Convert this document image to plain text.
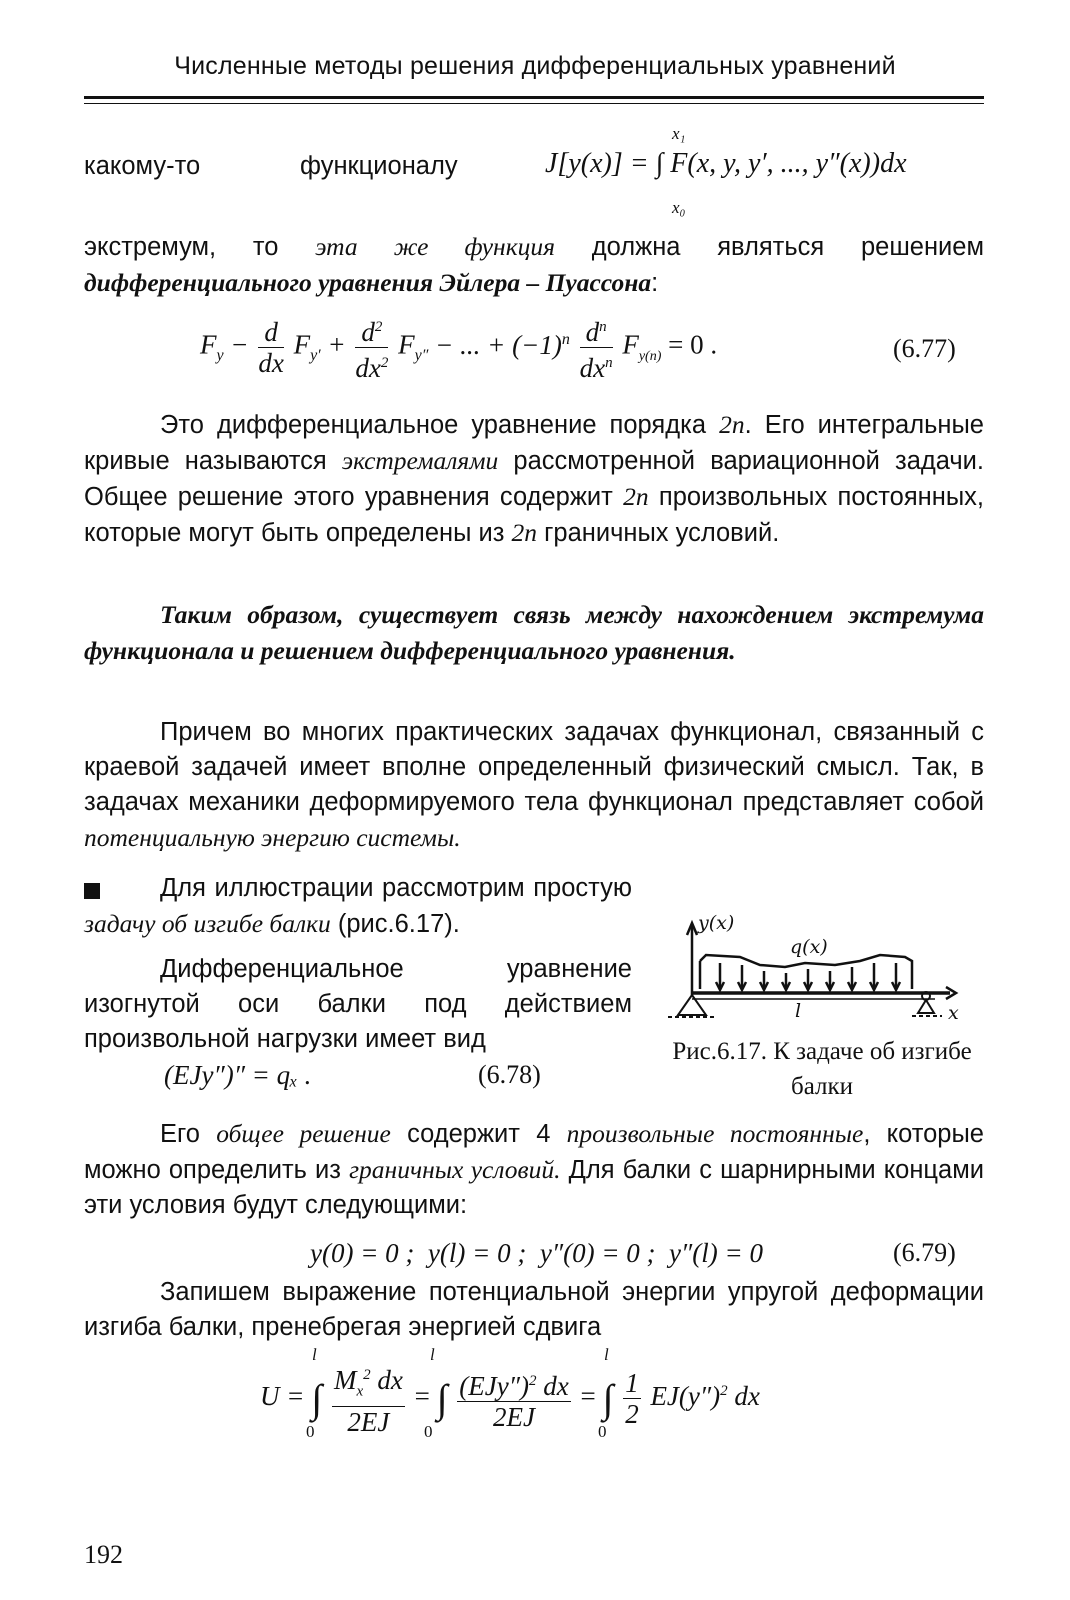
Численные методы решения дифференциальных уравнений
какому-то	функционалу
x₁
J[y(x)] = ∫ F(x, y, y′, ..., y″(x))dx
x₀
экстремум, то эта же функция должна являться решением дифференциального уравнения Эйлера – Пуассона:
$F_y - \frac{d}{dx} F_{y'} + \frac{d^2}{dx^2} F_{y''}$ − ... + $(-1)^n \frac{d^n}{dx^n} F_{y(n)} = 0$ .	(6.77)
Это дифференциальное уравнение порядка 2n. Его интегральные кривые называются экстремалями рассмотренной вариационной задачи. Общее решение этого уравнения содержит 2n произвольных постоянных, которые могут быть определены из 2n граничных условий.
Таким образом, существует связь между нахождением экстремума функционала и решением дифференциального уравнения.
Причем во многих практических задачах функционал, связанный с краевой задачей имеет вполне определенный физический смысл. Так, в задачах механики деформируемого тела функционал представляет собой потенциальную энергию системы.
Для иллюстрации рассмотрим простую задачу об изгибе балки (рис.6.17).
Дифференциальное уравнение изогнутой оси балки под действием произвольной нагрузки имеет вид
(EJy″)″ = qₓ .	(6.78)
y(x)
q(x)
l	x
Рис.6.17. К задаче об изгибе балки
Его общее решение содержит 4 произвольные постоянные, которые можно определить из граничных условий. Для балки с шарнирными концами эти условия будут следующими:
y(0) = 0 ;  y(l) = 0 ;  y″(0) = 0 ;  y″(l) = 0	(6.79)
Запишем выражение потенциальной энергии упругой деформации изгиба балки, пренебрегая энергией сдвига
U = ∫ $\frac{M_x^2 dx}{2EJ}$ = ∫ $\frac{(EJy'')^2 dx}{2EJ}$ = ∫ $\frac{1}{2} EJ(y'')^2$ dx
l
0
l
0
l
0
192
